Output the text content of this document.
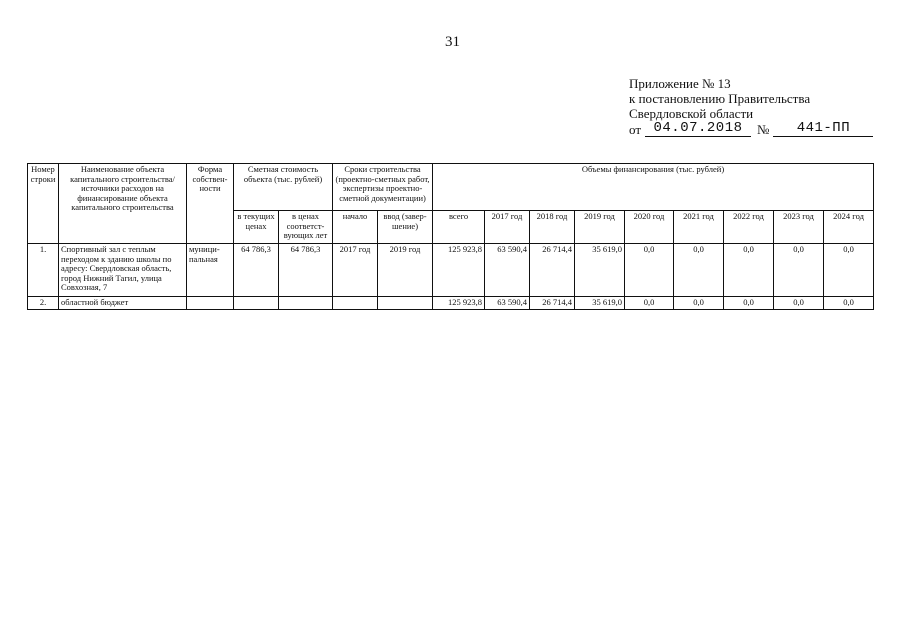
31
Приложение № 13
к постановлению Правительства
Свердловской области
от 04.07.2018	№	441-ПП
Номер строки	Наименование объекта капитального строительства/ источники расходов на финансирование объекта капитального строительства	Форма собствен-ности	Сметная стоимость объекта (тыс. рублей)		Сроки строительства (проектно-сметных работ, экспертизы проектно-сметной документации)		Объемы финансирования (тыс. рублей)								
			в текущих ценах	в ценах соответст-вующих лет	начало	ввод (завер-шение)	всего	2017 год	2018 год	2019 год	2020 год	2021 год	2022 год	2023 год	2024 год
1.	Спортивный зал с теплым переходом к зданию школы по адресу: Свердловская область, город Нижний Тагил, улица Совхозная, 7	муници-пальная	64 786,3	64 786,3	2017 год	2019 год	125 923,8	63 590,4	26 714,4	35 619,0	0,0	0,0	0,0	0,0	0,0
2.	областной бюджет						125 923,8	63 590,4	26 714,4	35 619,0	0,0	0,0	0,0	0,0	0,0
